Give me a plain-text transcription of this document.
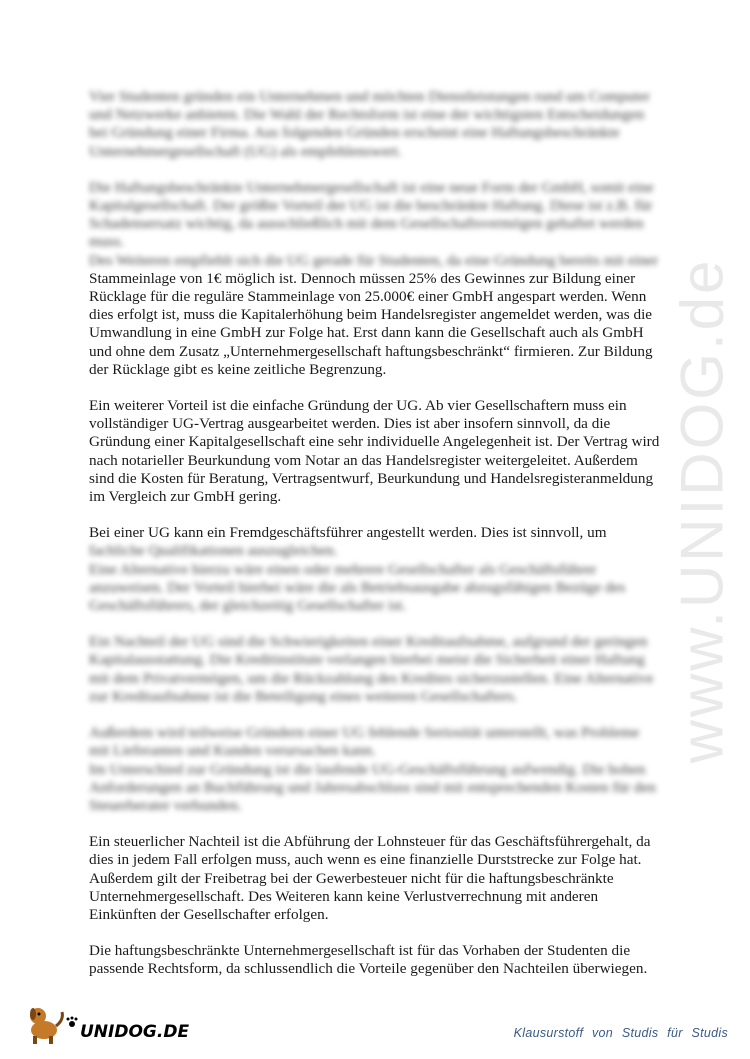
www.UNIDOG.de

Vier Studenten gründen ein Unternehmen und möchten Dienstleistungen rund um Computer
und Netzwerke anbieten. Die Wahl der Rechtsform ist eine der wichtigsten Entscheidungen
bei Gründung einer Firma. Aus folgenden Gründen erscheint eine Haftungsbeschränkte
Unternehmergesellschaft (UG) als empfehlenswert.

Die Haftungsbeschränkte Unternehmergesellschaft ist eine neue Form der GmbH, somit eine
Kapitalgesellschaft. Der größte Vorteil der UG ist die beschränkte Haftung. Diese ist z.B. für
Schadensersatz wichtig, da ausschließlich mit dem Gesellschaftsvermögen gehaftet werden
muss.
Des Weiteren empfiehlt sich die UG gerade für Studenten, da eine Gründung bereits mit einer

Stammeinlage von 1€ möglich ist. Dennoch müssen 25% des Gewinnes zur Bildung einer
Rücklage für die reguläre Stammeinlage von 25.000€ einer GmbH angespart werden. Wenn
dies erfolgt ist, muss die Kapitalerhöhung beim Handelsregister angemeldet werden, was die
Umwandlung in eine GmbH zur Folge hat. Erst dann kann die Gesellschaft auch als GmbH
und ohne dem Zusatz „Unternehmergesellschaft haftungsbeschränkt“ firmieren. Zur Bildung
der Rücklage gibt es keine zeitliche Begrenzung.

Ein weiterer Vorteil ist die einfache Gründung der UG. Ab vier Gesellschaftern muss ein
vollständiger UG-Vertrag ausgearbeitet werden. Dies ist aber insofern sinnvoll, da die
Gründung einer Kapitalgesellschaft eine sehr individuelle Angelegenheit ist. Der Vertrag wird
nach notarieller Beurkundung vom Notar an das Handelsregister weitergeleitet. Außerdem
sind die Kosten für Beratung, Vertragsentwurf, Beurkundung und Handelsregisteranmeldung
im Vergleich zur GmbH gering.

Bei einer UG kann ein Fremdgeschäftsführer angestellt werden. Dies ist sinnvoll, um

fachliche Qualifikationen auszugleichen.
Eine Alternative hierzu wäre einen oder mehrere Gesellschafter als Geschäftsführer
anzuweisen. Der Vorteil hierbei wäre die als Betriebsausgabe abzugsfähigen Bezüge des
Geschäftsführers, der gleichzeitig Gesellschafter ist.

Ein Nachteil der UG sind die Schwierigkeiten einer Kreditaufnahme, aufgrund der geringen
Kapitalausstattung. Die Kreditinstitute verlangen hierbei meist die Sicherheit einer Haftung
mit dem Privatvermögen, um die Rückzahlung des Kredites sicherzustellen. Eine Alternative
zur Kreditaufnahme ist die Beteiligung eines weiteren Gesellschafters.

Außerdem wird teilweise Gründern einer UG fehlende Seriosität unterstellt, was Probleme
mit Lieferanten und Kunden verursachen kann.
Im Unterschied zur Gründung ist die laufende UG-Geschäftsführung aufwendig. Die hohen
Anforderungen an Buchführung und Jahresabschluss sind mit entsprechenden Kosten für den
Steuerberater verbunden.

Ein steuerlicher Nachteil ist die Abführung der Lohnsteuer für das Geschäftsführergehalt, da
dies in jedem Fall erfolgen muss, auch wenn es eine finanzielle Durststrecke zur Folge hat.
Außerdem gilt der Freibetrag bei der Gewerbesteuer nicht für die haftungsbeschränkte
Unternehmergesellschaft. Des Weiteren kann keine Verlustverrechnung mit anderen
Einkünften der Gesellschafter erfolgen.

Die haftungsbeschränkte Unternehmergesellschaft ist für das Vorhaben der Studenten die
passende Rechtsform, da schlussendlich die Vorteile gegenüber den Nachteilen überwiegen.

UNIDOG.DE	Klausurstoff von Studis für Studis
